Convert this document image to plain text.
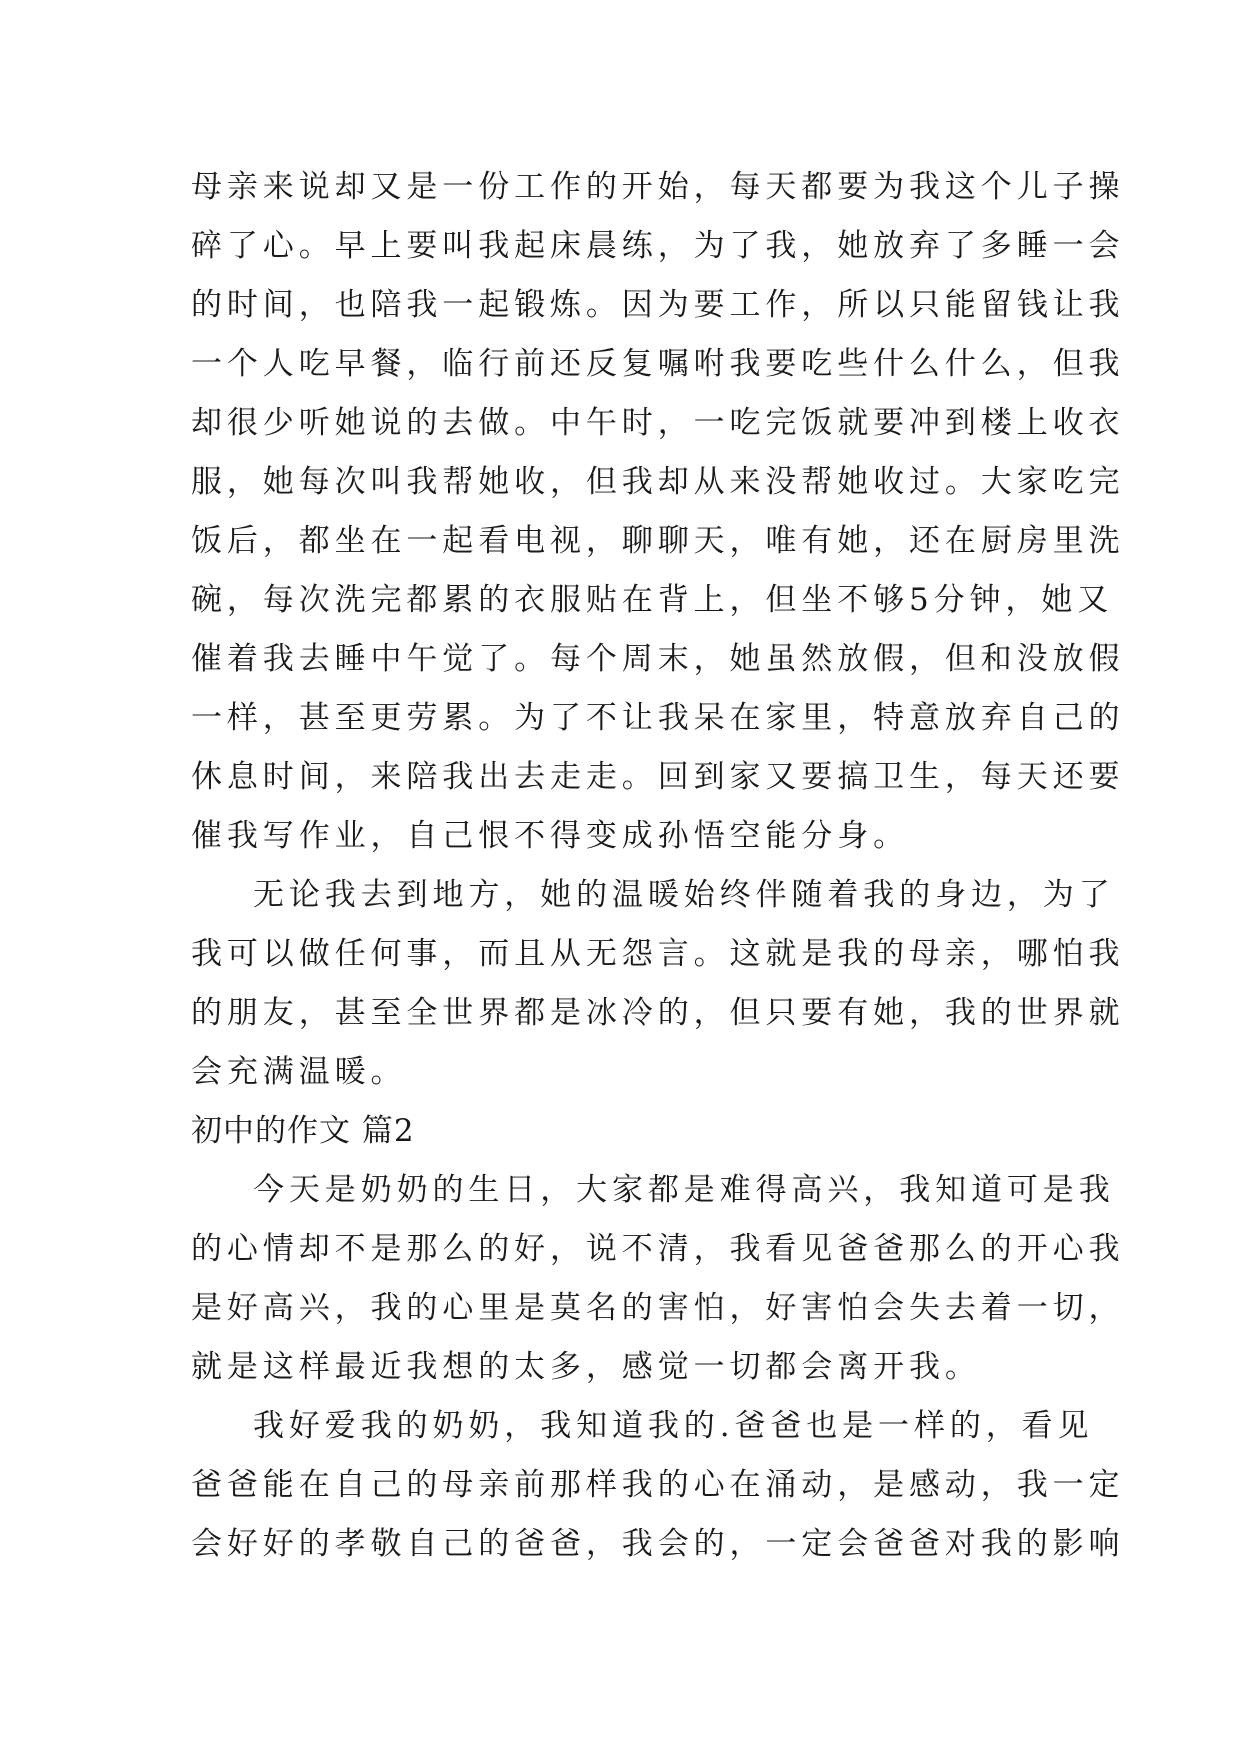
母亲来说却又是一份工作的开始，每天都要为我这个儿子操
碎了心。早上要叫我起床晨练，为了我，她放弃了多睡一会
的时间，也陪我一起锻炼。因为要工作，所以只能留钱让我
一个人吃早餐，临行前还反复嘱咐我要吃些什么什么，但我
却很少听她说的去做。中午时，一吃完饭就要冲到楼上收衣
服，她每次叫我帮她收，但我却从来没帮她收过。大家吃完
饭后，都坐在一起看电视，聊聊天，唯有她，还在厨房里洗
碗，每次洗完都累的衣服贴在背上，但坐不够5分钟，她又
催着我去睡中午觉了。每个周末，她虽然放假，但和没放假
一样，甚至更劳累。为了不让我呆在家里，特意放弃自己的
休息时间，来陪我出去走走。回到家又要搞卫生，每天还要
催我写作业，自己恨不得变成孙悟空能分身。
无论我去到地方，她的温暖始终伴随着我的身边，为了
我可以做任何事，而且从无怨言。这就是我的母亲，哪怕我
的朋友，甚至全世界都是冰冷的，但只要有她，我的世界就
会充满温暖。
初中的作文 篇2
今天是奶奶的生日，大家都是难得高兴，我知道可是我
的心情却不是那么的好，说不清，我看见爸爸那么的开心我
是好高兴，我的心里是莫名的害怕，好害怕会失去着一切，
就是这样最近我想的太多，感觉一切都会离开我。
我好爱我的奶奶，我知道我的.爸爸也是一样的，看见
爸爸能在自己的母亲前那样我的心在涌动，是感动，我一定
会好好的孝敬自己的爸爸，我会的，一定会爸爸对我的影响
